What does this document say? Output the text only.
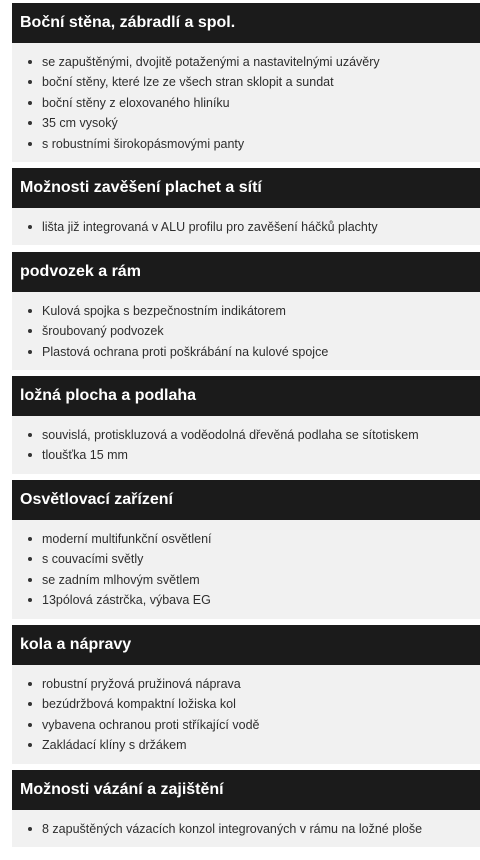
Boční stěna, zábradlí a spol.
se zapuštěnými, dvojitě potaženými a nastavitelnými uzávěry
boční stěny, které lze ze všech stran sklopit a sundat
boční stěny z eloxovaného hliníku
35 cm vysoký
s robustními širokopásmovými panty
Možnosti zavěšení plachet a sítí
lišta již integrovaná v ALU profilu pro zavěšení háčků plachty
podvozek a rám
Kulová spojka s bezpečnostním indikátorem
šroubovaný podvozek
Plastová ochrana proti poškrábání na kulové spojce
ložná plocha a podlaha
souvislá, protiskluzová a voděodolná dřevěná podlaha se sítotiskem
tloušťka 15 mm
Osvětlovací zařízení
moderní multifunkční osvětlení
s couvacími světly
se zadním mlhovým světlem
13pólová zástrčka, výbava EG
kola a nápravy
robustní pryžová pružinová náprava
bezúdržbová kompaktní ložiska kol
vybavena ochranou proti stříkající vodě
Zakládací klíny s držákem
Možnosti vázání a zajištění
8 zapuštěných vázacích konzol integrovaných v rámu na ložné ploše
